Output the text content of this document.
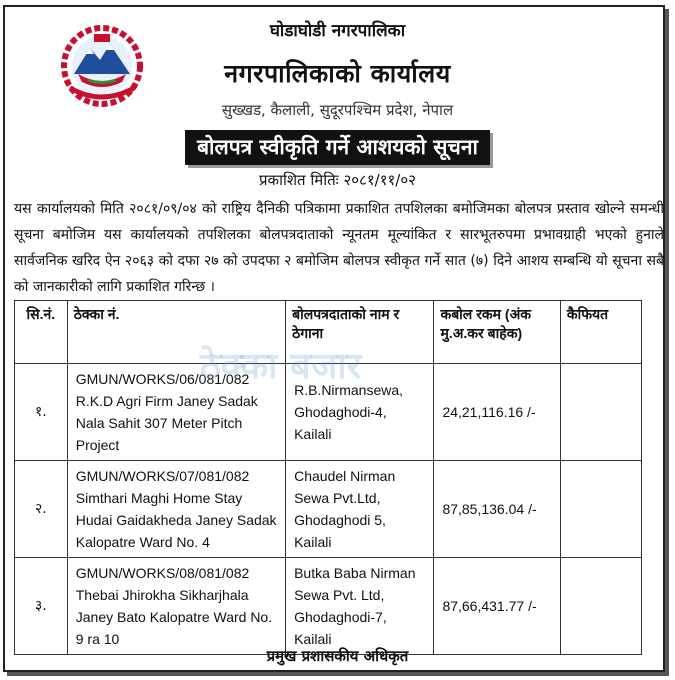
घोडाघोडी नगरपालिका
नगरपालिकाको कार्यालय
सुख्खड, कैलाली, सुदूरपश्चिम प्रदेश, नेपाल
बोलपत्र स्वीकृति गर्ने आशयको सूचना
प्रकाशित मितिः २०८१/११/०२
यस कार्यालयको मिति २०८१/०९/०४ को राष्ट्रिय दैनिकी पत्रिकामा प्रकाशित तपशिलका बमोजिमका बोलपत्र प्रस्ताव खोल्ने समन्धी सूचना बमोजिम यस कार्यालयको तपशिलका बोलपत्रदाताको न्यूनतम मूल्यांकित र सारभूतरुपमा प्रभावग्राही भएको हुनाले सार्वजनिक खरिद ऐन २०६३ को दफा २७ को उपदफा २ बमोजिम बोलपत्र स्वीकृत गर्ने सात (७) दिने आशय सम्बन्धि यो सूचना सबै को जानकारीको लागि प्रकाशित गरिन्छ ।
सि.नं.	ठेक्का नं.	बोलपत्रदाताको नाम र ठेगाना	कबोल रकम (अंक मु.अ.कर बाहेक)	कैफियत
१.	GMUN/WORKS/06/081/082 R.K.D Agri Firm Janey Sadak Nala Sahit 307 Meter Pitch Project	R.B.Nirmansewa, Ghodaghodi-4, Kailali	24,21,116.16 /-	
२.	GMUN/WORKS/07/081/082 Simthari Maghi Home Stay Hudai Gaidakheda Janey Sadak Kalopatre Ward No. 4	Chaudel Nirman Sewa Pvt.Ltd, Ghodaghodi 5, Kailali	87,85,136.04 /-	
३.	GMUN/WORKS/08/081/082 Thebai Jhirokha Sikharjhala Janey Bato Kalopatre Ward No. 9 ra 10	Butka Baba Nirman Sewa Pvt. Ltd, Ghodaghodi-7, Kailali	87,66,431.77 /-	
ठेक्का बजार
प्रमुख प्रशासकीय अधिकृत
